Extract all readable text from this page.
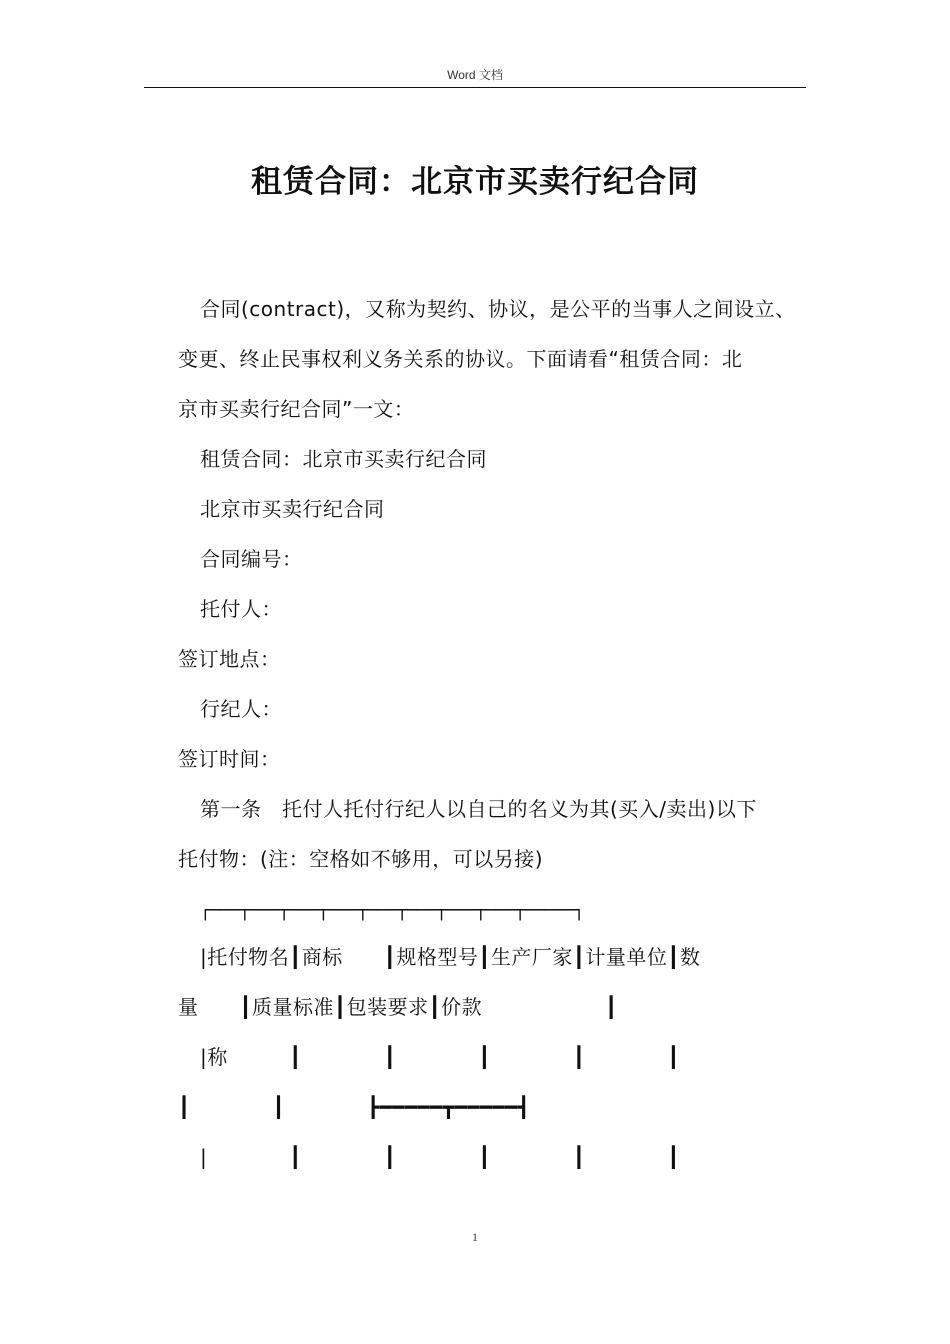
Word 文档
租赁合同：北京市买卖行纪合同
合同(contract)，又称为契约、协议，是公平的当事人之间设立、
变更、终止民事权利义务关系的协议。下面请看“租赁合同：北
京市买卖行纪合同”一文：
租赁合同：北京市买卖行纪合同
北京市买卖行纪合同
合同编号：
托付人：
签订地点：
行纪人：
签订时间：
第一条　托付人托付行纪人以自己的名义为其(买入/卖出)以下
托付物：(注：空格如不够用，可以另接)
┌───┬───┬───┬───┬───┬───┬───┬───┬─────┐
|托付物名┃商标　　┃规格型号┃生产厂家┃计量单位┃数
量　　┃质量标准┃包装要求┃价款　　　　　　┃
|称　　　┃　　　　┃　　　　┃　　　　┃　　　　┃
┃　　　　┃　　　　┣━━━━━┳━━━━━┫
|　　　　┃　　　　┃　　　　┃　　　　┃　　　　┃
1
